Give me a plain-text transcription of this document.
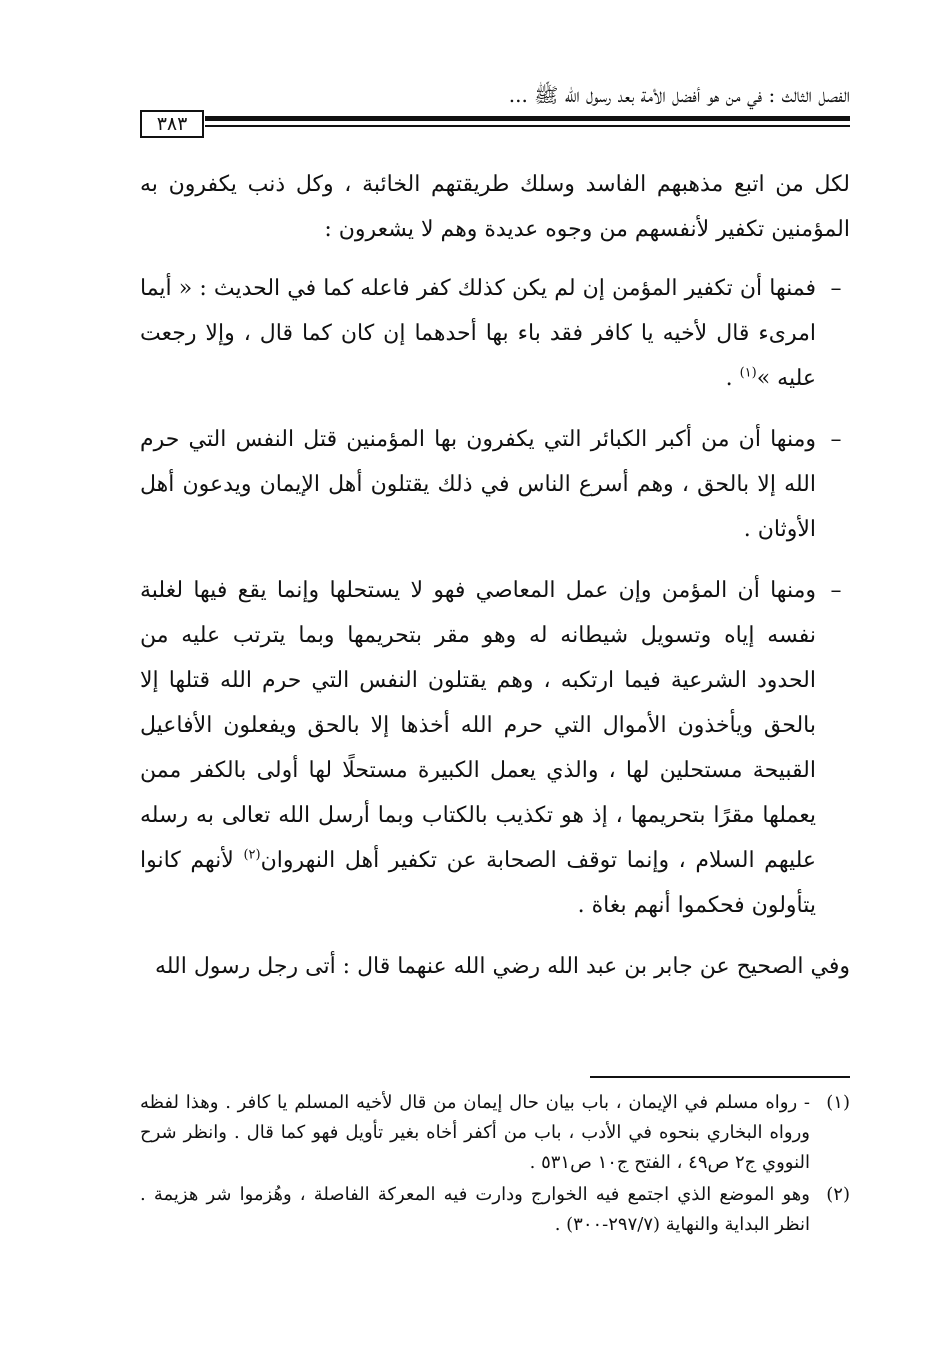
الفصل الثالث : في من هو أفضل الأمة بعد رسول الله ﷺ ...
٣٨٣

لكل من اتبع مذهبهم الفاسد وسلك طريقتهم الخائبة ، وكل ذنب يكفرون به المؤمنين تكفير لأنفسهم من وجوه عديدة وهم لا يشعرون :

–

فمنها أن تكفير المؤمن إن لم يكن كذلك كفر فاعله كما في الحديث : « أيما امرىء قال لأخيه يا كافر فقد باء بها أحدهما إن كان كما قال ، وإلا رجعت عليه »$^{(١)}$ .

–

ومنها أن من أكبر الكبائر التي يكفرون بها المؤمنين قتل النفس التي حرم الله إلا بالحق ، وهم أسرع الناس في ذلك يقتلون أهل الإيمان ويدعون أهل الأوثان .

–

ومنها أن المؤمن وإن عمل المعاصي فهو لا يستحلها وإنما يقع فيها لغلبة نفسه إياه وتسويل شيطانه له وهو مقر بتحريمها وبما يترتب عليه من الحدود الشرعية فيما ارتكبه ، وهم يقتلون النفس التي حرم الله قتلها إلا بالحق ويأخذون الأموال التي حرم الله أخذها إلا بالحق ويفعلون الأفاعيل القبيحة مستحلين لها ، والذي يعمل الكبيرة مستحلًا لها أولى بالكفر ممن يعملها مقرًا بتحريمها ، إذ هو تكذيب بالكتاب وبما أرسل الله تعالى به رسله عليهم السلام ، وإنما توقف الصحابة عن تكفير أهل النهروان$^{(٢)}$ لأنهم كانوا يتأولون فحكموا أنهم بغاة .

وفي الصحيح عن جابر بن عبد الله رضي الله عنهما قال : أتى رجل رسول الله

(١)
- رواه مسلم في الإيمان ، باب بيان حال إيمان من قال لأخيه المسلم يا كافر . وهذا لفظه ورواه البخاري بنحوه في الأدب ، باب من أكفر أخاه بغير تأويل فهو كما قال . وانظر شرح النووي ج٢ ص٤٩ ، الفتح ج١٠ ص٥٣١ .
(٢)
وهو الموضع الذي اجتمع فيه الخوارج ودارت فيه المعركة الفاصلة ، وهُزموا شر هزيمة . انظر البداية والنهاية (٢٩٧/٧-٣٠٠) .
